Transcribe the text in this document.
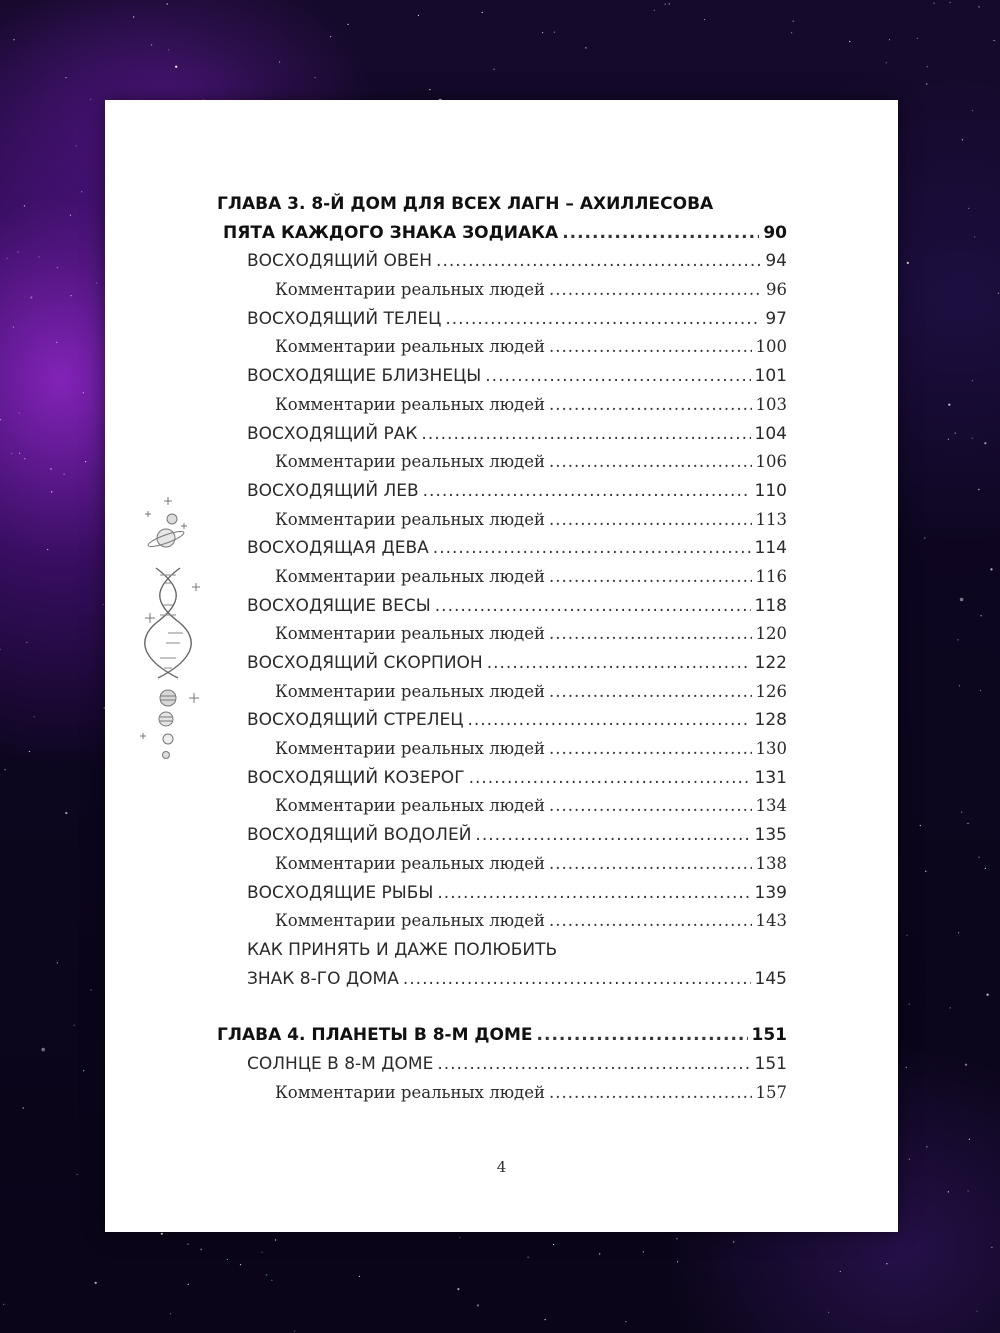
ГЛАВА 3. 8-Й ДОМ ДЛЯ ВСЕХ ЛАГН – АХИЛЛЕСОВА
ПЯТА КАЖДОГО ЗНАКА ЗОДИАКА .....	90
ВОСХОДЯЩИЙ ОВЕН .....	94
Комментарии реальных людей .....	96
ВОСХОДЯЩИЙ ТЕЛЕЦ .....	97
Комментарии реальных людей .....	100
ВОСХОДЯЩИЕ БЛИЗНЕЦЫ .....	101
Комментарии реальных людей .....	103
ВОСХОДЯЩИЙ РАК .....	104
Комментарии реальных людей .....	106
ВОСХОДЯЩИЙ ЛЕВ .....	110
Комментарии реальных людей .....	113
ВОСХОДЯЩАЯ ДЕВА .....	114
Комментарии реальных людей .....	116
ВОСХОДЯЩИЕ ВЕСЫ .....	118
Комментарии реальных людей .....	120
ВОСХОДЯЩИЙ СКОРПИОН .....	122
Комментарии реальных людей .....	126
ВОСХОДЯЩИЙ СТРЕЛЕЦ .....	128
Комментарии реальных людей .....	130
ВОСХОДЯЩИЙ КОЗЕРОГ .....	131
Комментарии реальных людей .....	134
ВОСХОДЯЩИЙ ВОДОЛЕЙ .....	135
Комментарии реальных людей .....	138
ВОСХОДЯЩИЕ РЫБЫ .....	139
Комментарии реальных людей .....	143
КАК ПРИНЯТЬ И ДАЖЕ ПОЛЮБИТЬ
ЗНАК 8-ГО ДОМА .....	145
ГЛАВА 4. ПЛАНЕТЫ В 8-М ДОМЕ .....	151
СОЛНЦЕ В 8-М ДОМЕ .....	151
Комментарии реальных людей .....	157
4
